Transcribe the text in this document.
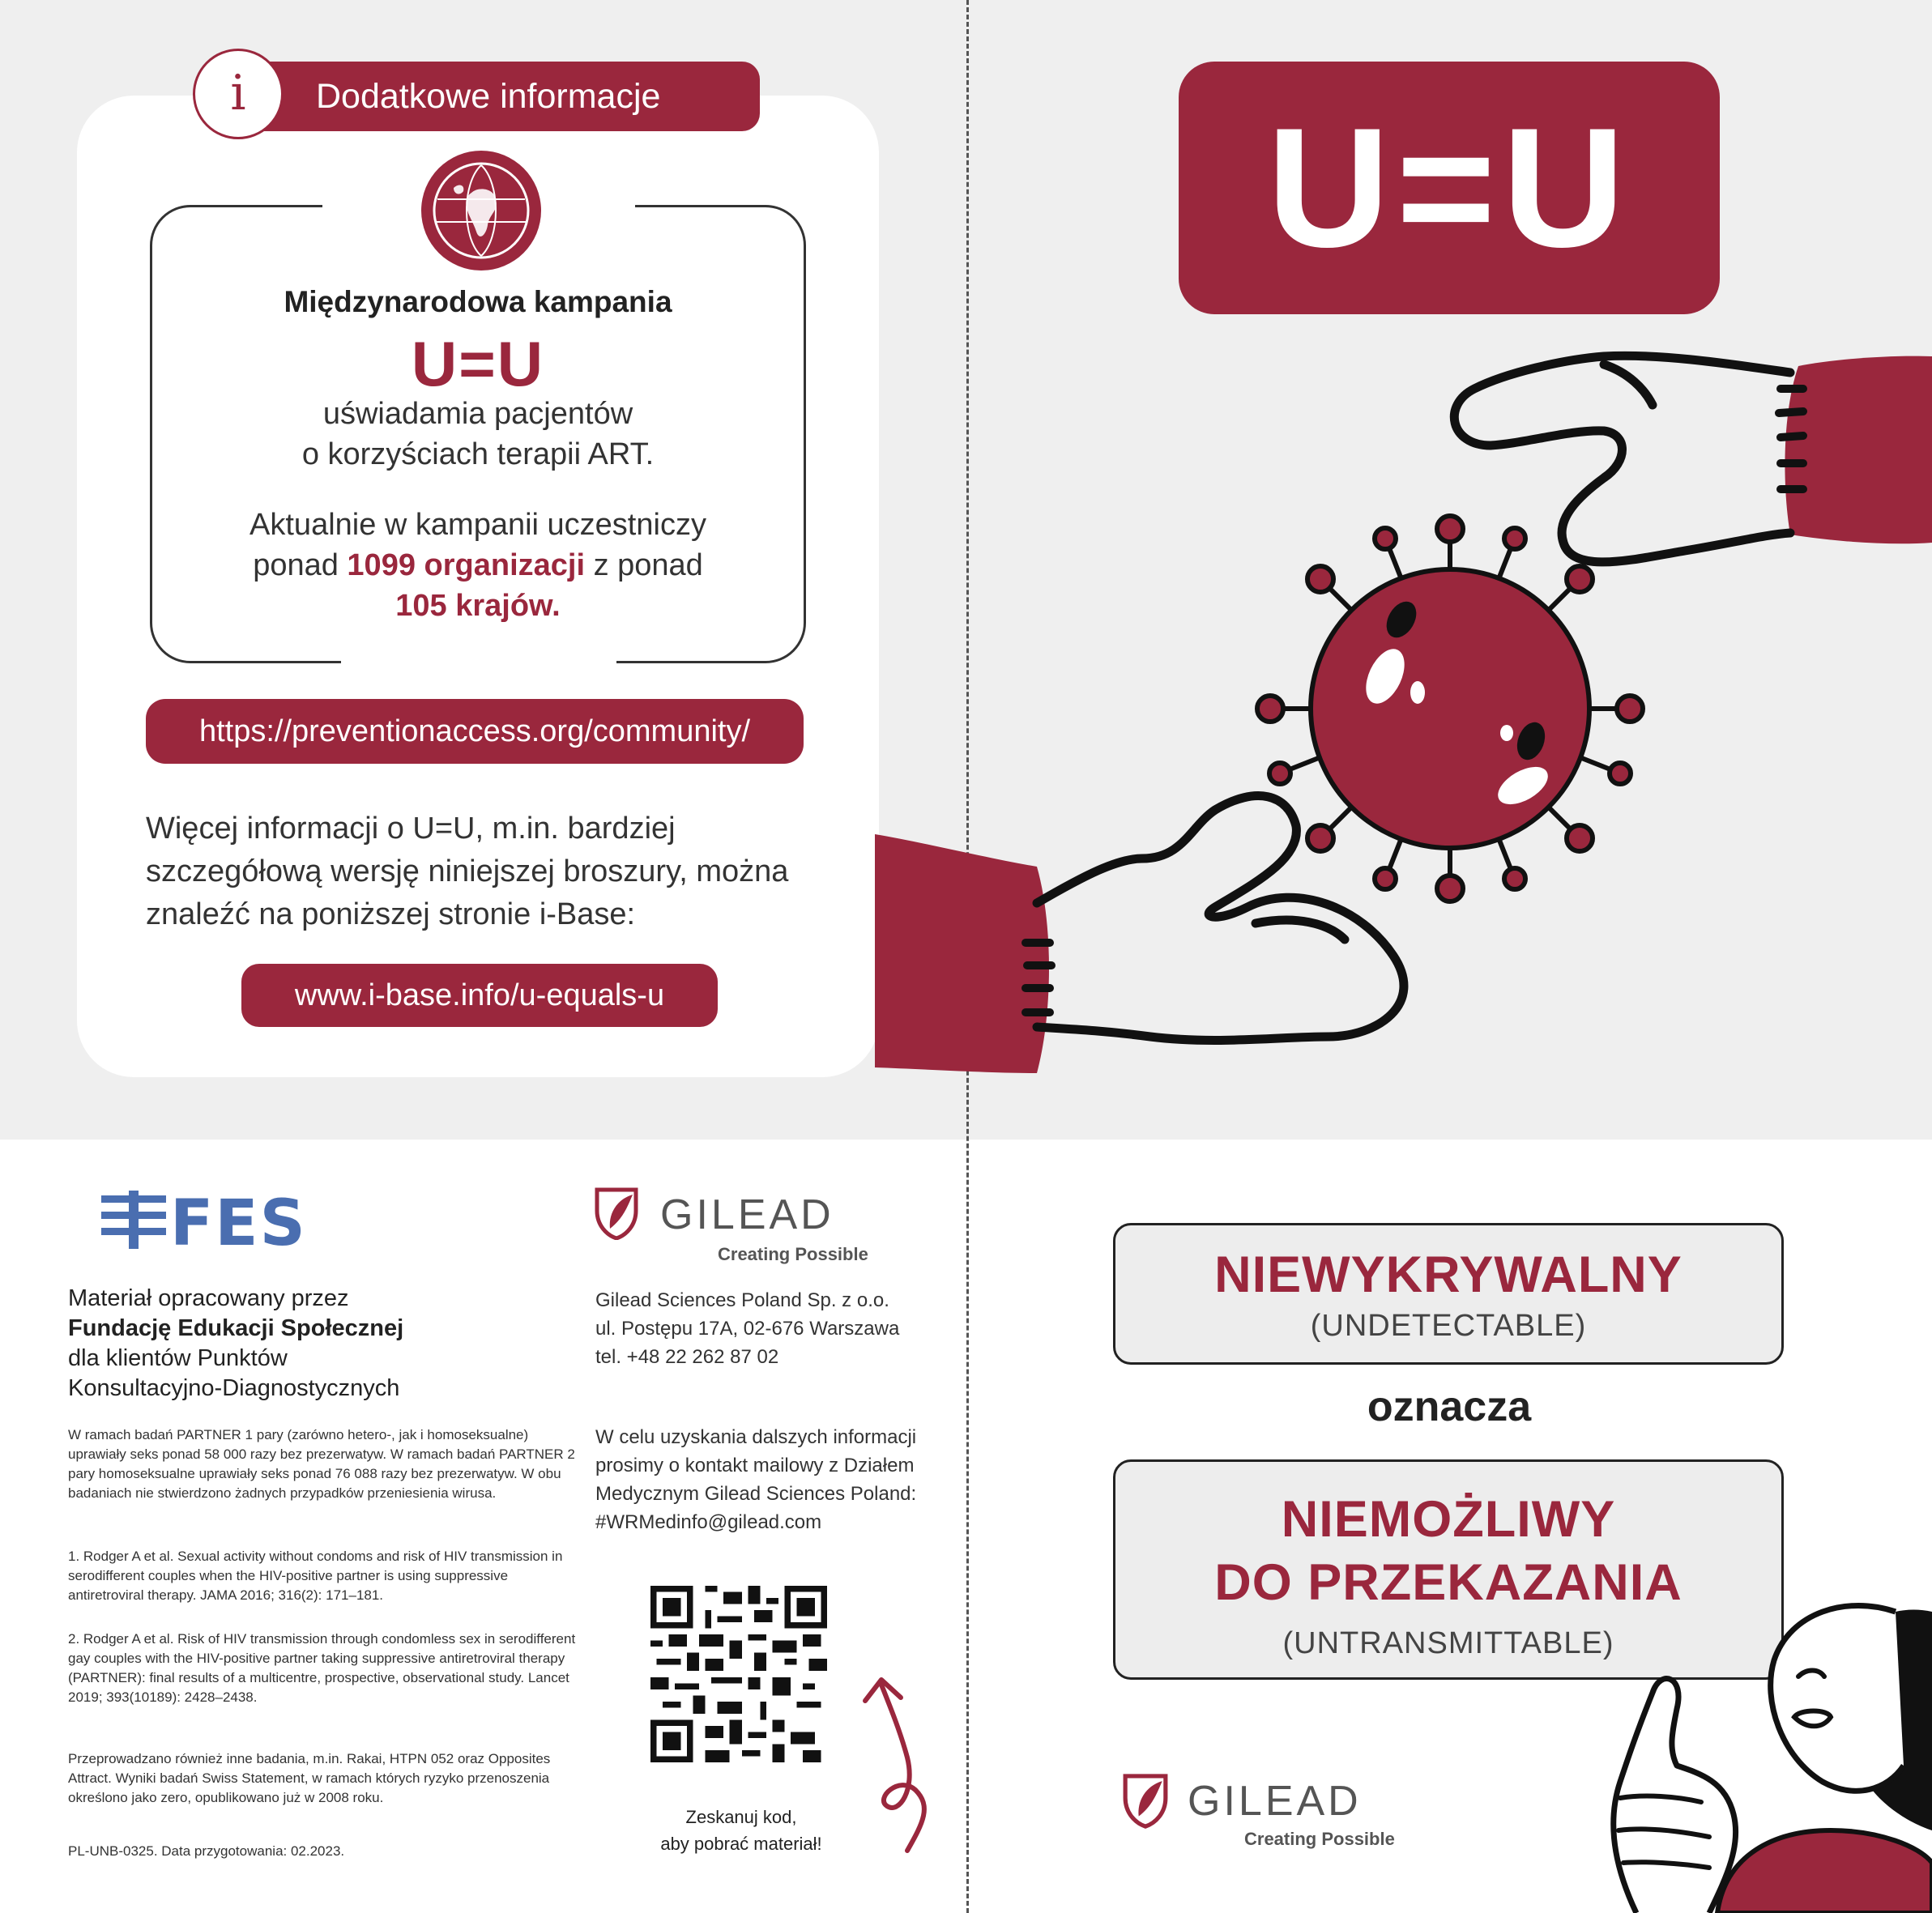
Dodatkowe informacje
i
Międzynarodowa kampania
U=U
uświadamia pacjentów
o korzyściach terapii ART.
Aktualnie w kampanii uczestniczy
ponad 1099 organizacji z ponad
105 krajów.
https://preventionaccess.org/community/
Więcej informacji o U=U, m.in. bardziej szczegółową wersję niniejszej broszury, można znaleźć na poniższej stronie i-Base:
www.i-base.info/u-equals-u
U=U
FES
Materiał opracowany przez
Fundację Edukacji Społecznej
dla klientów Punktów
Konsultacyjno-Diagnostycznych
W ramach badań PARTNER 1 pary (zarówno hetero-, jak i homoseksualne) uprawiały seks ponad 58 000 razy bez prezerwatyw. W ramach badań PARTNER 2 pary homoseksualne uprawiały seks ponad 76 088 razy bez prezerwatyw. W obu badaniach nie stwierdzono żadnych przypadków przeniesienia wirusa.
1. Rodger A et al. Sexual activity without condoms and risk of HIV transmission in serodifferent couples when the HIV-positive partner is using suppressive antiretroviral therapy. JAMA 2016; 316(2): 171–181.
2. Rodger A et al. Risk of HIV transmission through condomless sex in serodifferent gay couples with the HIV-positive partner taking suppressive antiretroviral therapy (PARTNER): final results of a multicentre, prospective, observational study. Lancet 2019; 393(10189): 2428–2438.
Przeprowadzano również inne badania, m.in. Rakai, HTPN 052 oraz Opposites Attract. Wyniki badań Swiss Statement, w ramach których ryzyko przenoszenia określono jako zero, opublikowano już w 2008 roku.
PL-UNB-0325. Data przygotowania: 02.2023.
GILEAD
Creating Possible
Gilead Sciences Poland Sp. z o.o.
ul. Postępu 17A, 02-676 Warszawa
tel. +48 22 262 87 02
W celu uzyskania dalszych informacji prosimy o kontakt mailowy z Działem Medycznym Gilead Sciences Poland: #WRMedinfo@gilead.com
Zeskanuj kod,
aby pobrać materiał!
NIEWYKRYWALNY
(UNDETECTABLE)
oznacza
NIEMOŻLIWY
DO PRZEKAZANIA
(UNTRANSMITTABLE)
GILEAD
Creating Possible
